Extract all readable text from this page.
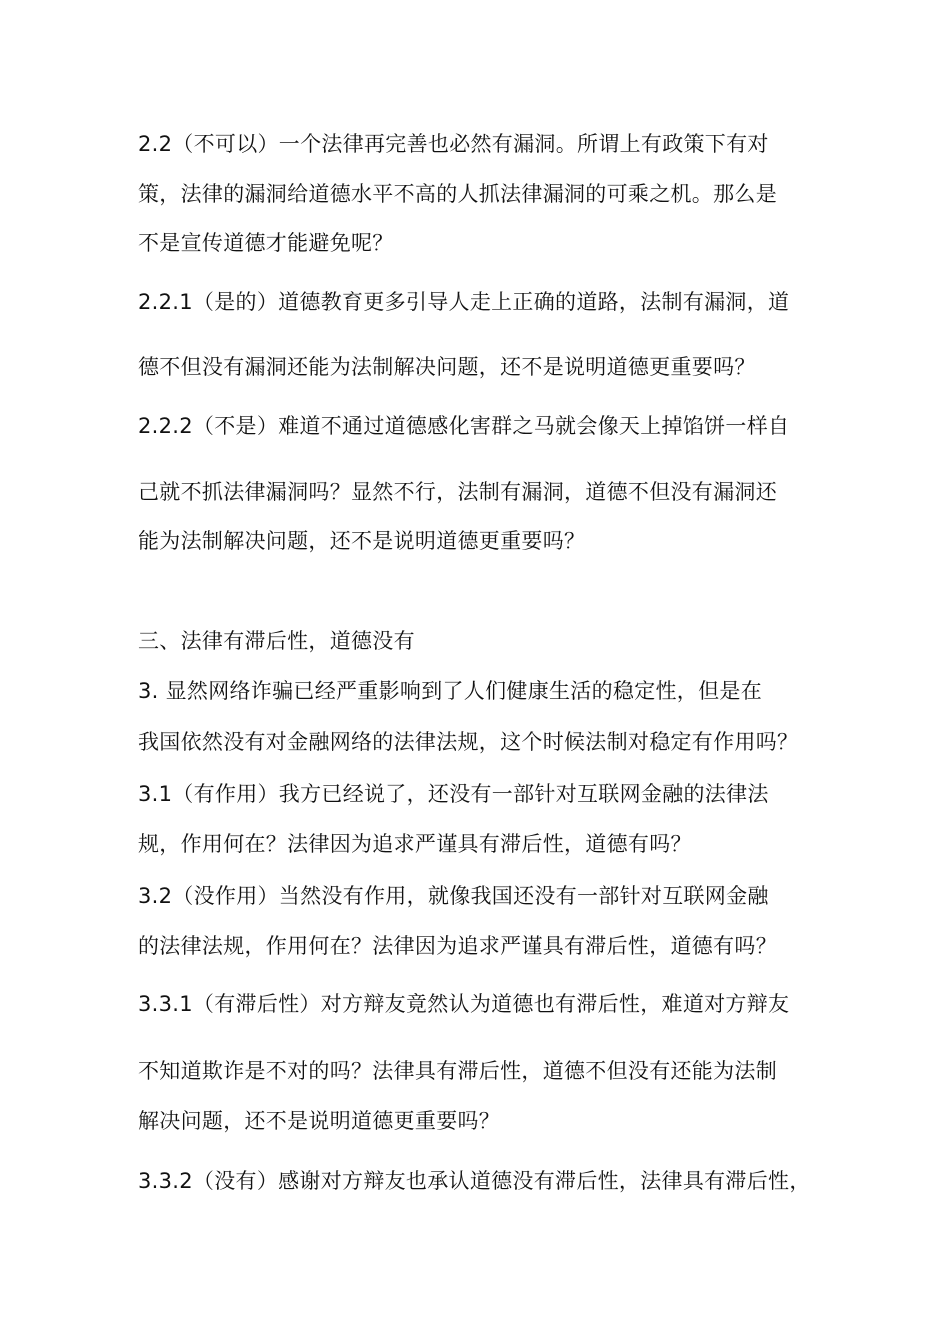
2.2（不可以）一个法律再完善也必然有漏洞。所谓上有政策下有对
策，法律的漏洞给道德水平不高的人抓法律漏洞的可乘之机。那么是
不是宣传道德才能避免呢？
2.2.1（是的）道德教育更多引导人走上正确的道路，法制有漏洞，道
德不但没有漏洞还能为法制解决问题，还不是说明道德更重要吗？
2.2.2（不是）难道不通过道德感化害群之马就会像天上掉馅饼一样自
己就不抓法律漏洞吗？显然不行，法制有漏洞，道德不但没有漏洞还
能为法制解决问题，还不是说明道德更重要吗？
三、法律有滞后性，道德没有
3. 显然网络诈骗已经严重影响到了人们健康生活的稳定性，但是在
我国依然没有对金融网络的法律法规，这个时候法制对稳定有作用吗？
3.1（有作用）我方已经说了，还没有一部针对互联网金融的法律法
规，作用何在？法律因为追求严谨具有滞后性，道德有吗？
3.2（没作用）当然没有作用，就像我国还没有一部针对互联网金融
的法律法规，作用何在？法律因为追求严谨具有滞后性，道德有吗？
3.3.1（有滞后性）对方辩友竟然认为道德也有滞后性，难道对方辩友
不知道欺诈是不对的吗？法律具有滞后性，道德不但没有还能为法制
解决问题，还不是说明道德更重要吗？
3.3.2（没有）感谢对方辩友也承认道德没有滞后性，法律具有滞后性，
